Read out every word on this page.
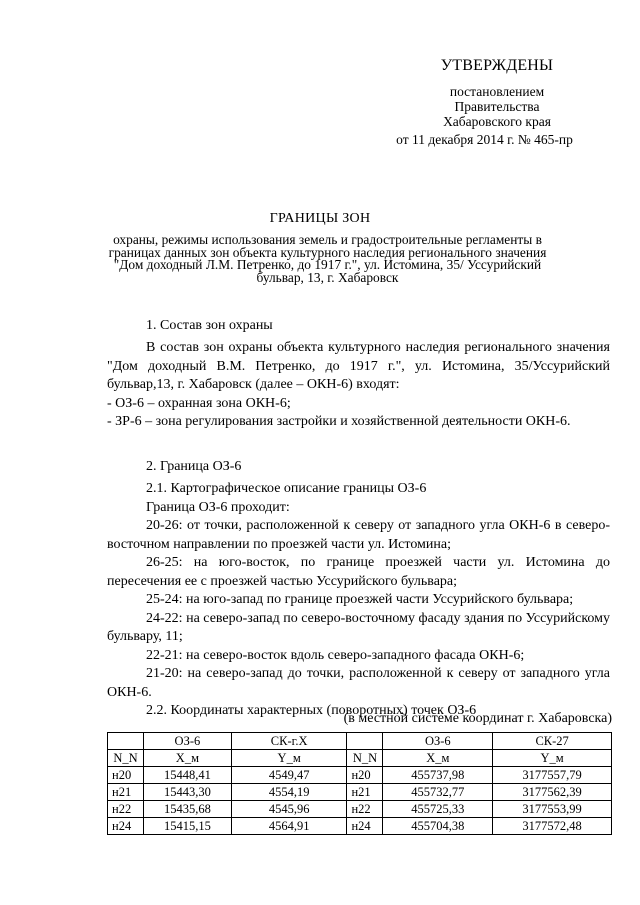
УТВЕРЖДЕНЫ
постановлением
Правительства
Хабаровского края
от 11 декабря 2014 г. № 465-пр
ГРАНИЦЫ ЗОН
охраны, режимы использования земель и градостроительные регламенты в границах данных зон объекта культурного наследия регионального значения "Дом доходный Л.М. Петренко, до 1917 г.", ул. Истомина, 35/ Уссурийский бульвар, 13, г. Хабаровск
1. Состав зон охраны

В состав зон охраны объекта культурного наследия регионального значения "Дом доходный В.М. Петренко, до 1917 г.", ул. Истомина, 35/Уссурийский бульвар,13, г. Хабаровск (далее – ОКН-6) входят:

- ОЗ-6 – охранная зона ОКН-6;

- ЗР-6 – зона регулирования застройки и хозяйственной деятельности ОКН-6.

2. Граница ОЗ-6

2.1. Картографическое описание границы ОЗ-6

Граница ОЗ-6 проходит:

20-26: от точки, расположенной к северу от западного угла ОКН-6 в северо-восточном направлении по проезжей части ул. Истомина;

26-25: на юго-восток, по границе проезжей части ул. Истомина до пересечения ее с проезжей частью Уссурийского бульвара;

25-24: на юго-запад по границе проезжей части Уссурийского бульвара;

24-22: на северо-запад по северо-восточному фасаду здания по Уссурийскому бульвару, 11;

22-21: на северо-восток вдоль северо-западного фасада ОКН-6;

21-20: на северо-запад до точки, расположенной к северу от западного угла ОКН-6.

2.2. Координаты характерных (поворотных) точек ОЗ-6

(в местной системе координат г. Хабаровска)
	ОЗ-6	СК-г.Х		ОЗ-6	СК-27
N_N	X_м	Y_м	N_N	X_м	Y_м
н20	15448,41	4549,47	н20	455737,98	3177557,79
н21	15443,30	4554,19	н21	455732,77	3177562,39
н22	15435,68	4545,96	н22	455725,33	3177553,99
н24	15415,15	4564,91	н24	455704,38	3177572,48
